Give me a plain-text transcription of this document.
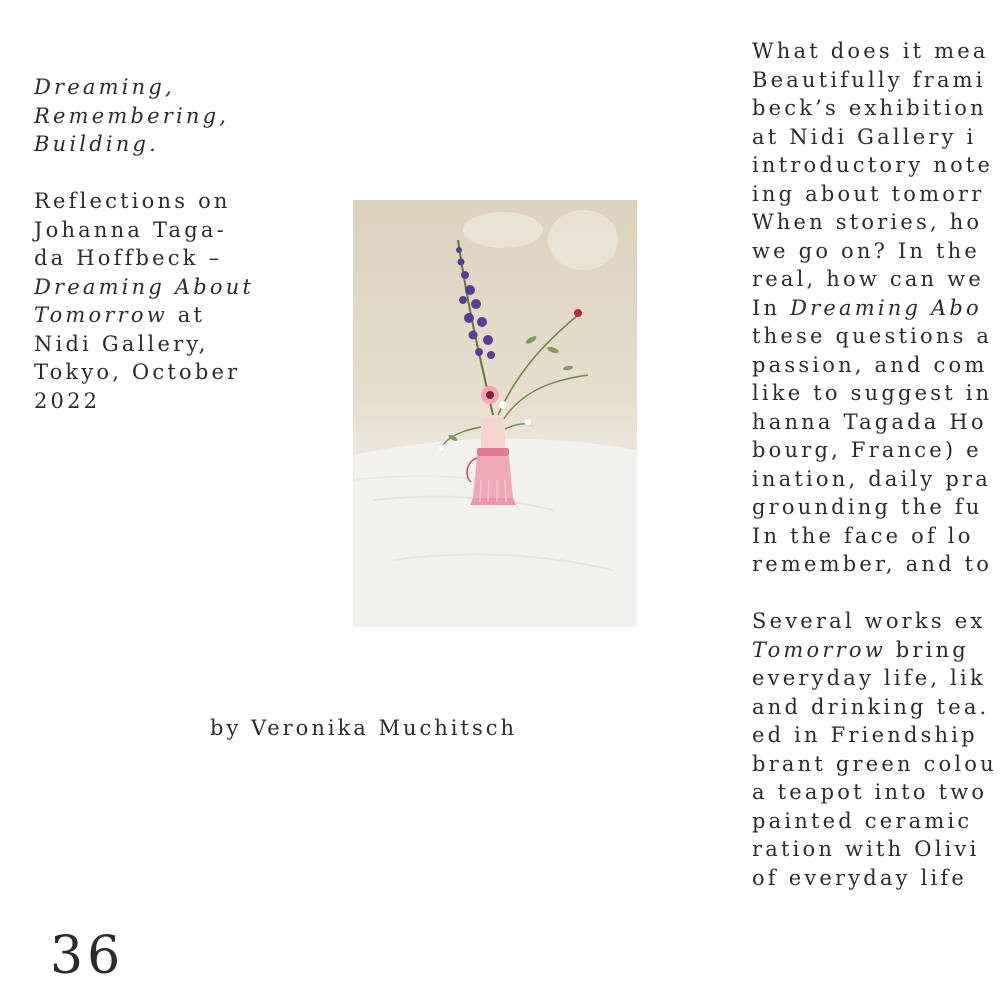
Dreaming,
Remembering,
Building.
Reflections on
Johanna Taga-
da Hoffbeck –
Dreaming About
Tomorrow at
Nidi Gallery,
Tokyo, October
2022
by Veronika Muchitsch
What does it mea
Beautifully frami
beck’s exhibition
at Nidi Gallery i
introductory note
ing about tomorr
When stories, ho
we go on? In the
real, how can we
In Dreaming Abo
these questions a
passion, and com
like to suggest in
hanna Tagada Ho
bourg, France) e
ination, daily pra
grounding the fu
In the face of lo
remember, and to
Several works ex
Tomorrow bring
everyday life, lik
and drinking tea.
ed in Friendship
brant green colou
a teapot into two
painted ceramic
ration with Olivi
of everyday life
36
